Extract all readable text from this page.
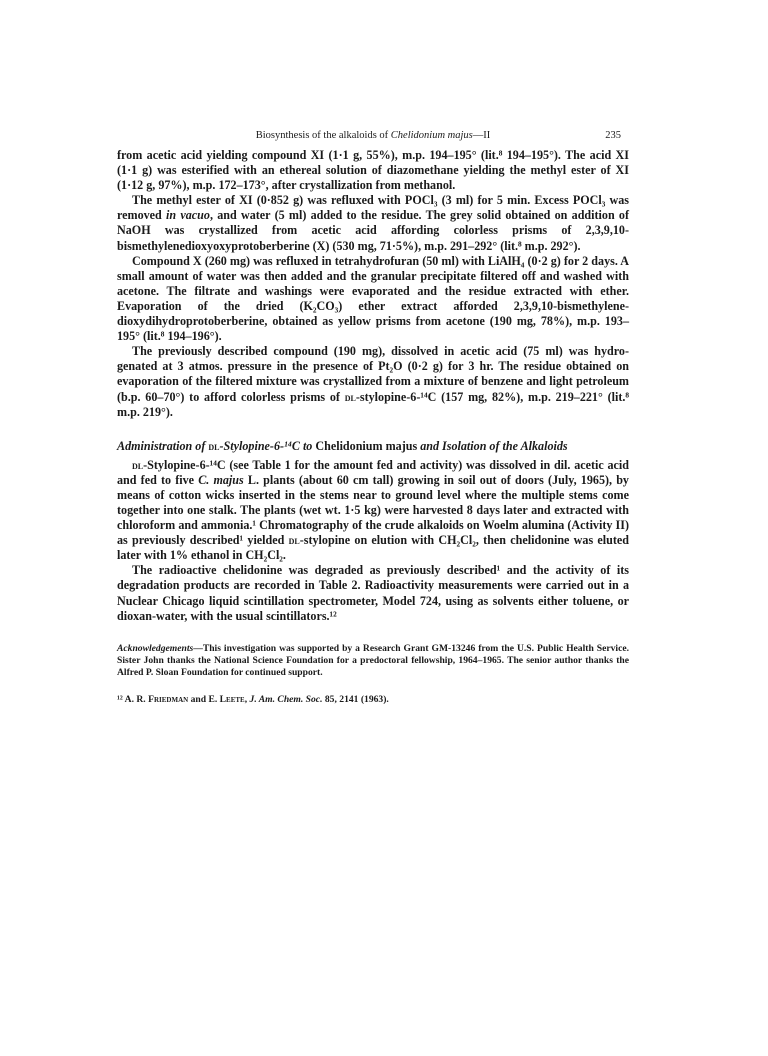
Biosynthesis of the alkaloids of Chelidonium majus—II	235

from acetic acid yielding compound XI (1·1 g, 55%), m.p. 194–195° (lit.⁸ 194–195°). The acid XI (1·1 g) was esterified with an ethereal solution of diazomethane yielding the methyl ester of XI (1·12 g, 97%), m.p. 172–173°, after crystallization from methanol.

The methyl ester of XI (0·852 g) was refluxed with POCl₃ (3 ml) for 5 min. Excess POCl₃ was removed in vacuo, and water (5 ml) added to the residue. The grey solid obtained on addition of NaOH was crystallized from acetic acid affording colorless prisms of 2,3,9,10-bismethylenedioxyoxyprotoberberine (X) (530 mg, 71·5%), m.p. 291–292° (lit.⁸ m.p. 292°).

Compound X (260 mg) was refluxed in tetrahydrofuran (50 ml) with LiAlH₄ (0·2 g) for 2 days. A small amount of water was then added and the granular precipitate filtered off and washed with acetone. The filtrate and washings were evaporated and the residue extracted with ether. Evaporation of the dried (K₂CO₃) ether extract afforded 2,3,9,10-bismethylene-dioxydihydroprotoberberine, obtained as yellow prisms from acetone (190 mg, 78%), m.p. 193–195° (lit.⁸ 194–196°).

The previously described compound (190 mg), dissolved in acetic acid (75 ml) was hydro-genated at 3 atmos. pressure in the presence of Pt₂O (0·2 g) for 3 hr. The residue obtained on evaporation of the filtered mixture was crystallized from a mixture of benzene and light petroleum (b.p. 60–70°) to afford colorless prisms of dl-stylopine-6-¹⁴C (157 mg, 82%), m.p. 219–221° (lit.⁸ m.p. 219°).

Administration of dl-Stylopine-6-¹⁴C to Chelidonium majus and Isolation of the Alkaloids

dl-Stylopine-6-¹⁴C (see Table 1 for the amount fed and activity) was dissolved in dil. acetic acid and fed to five C. majus L. plants (about 60 cm tall) growing in soil out of doors (July, 1965), by means of cotton wicks inserted in the stems near to ground level where the multiple stems come together into one stalk. The plants (wet wt. 1·5 kg) were harvested 8 days later and extracted with chloroform and ammonia.¹ Chromatography of the crude alkaloids on Woelm alumina (Activity II) as previously described¹ yielded dl-stylopine on elution with CH₂Cl₂, then chelidonine was eluted later with 1% ethanol in CH₂Cl₂.

The radioactive chelidonine was degraded as previously described¹ and the activity of its degradation products are recorded in Table 2. Radioactivity measurements were carried out in a Nuclear Chicago liquid scintillation spectrometer, Model 724, using as solvents either toluene, or dioxan-water, with the usual scintillators.¹²

Acknowledgements—This investigation was supported by a Research Grant GM-13246 from the U.S. Public Health Service. Sister John thanks the National Science Foundation for a predoctoral fellowship, 1964–1965. The senior author thanks the Alfred P. Sloan Foundation for continued support.
¹² A. R. Friedman and E. Leete, J. Am. Chem. Soc. 85, 2141 (1963).
